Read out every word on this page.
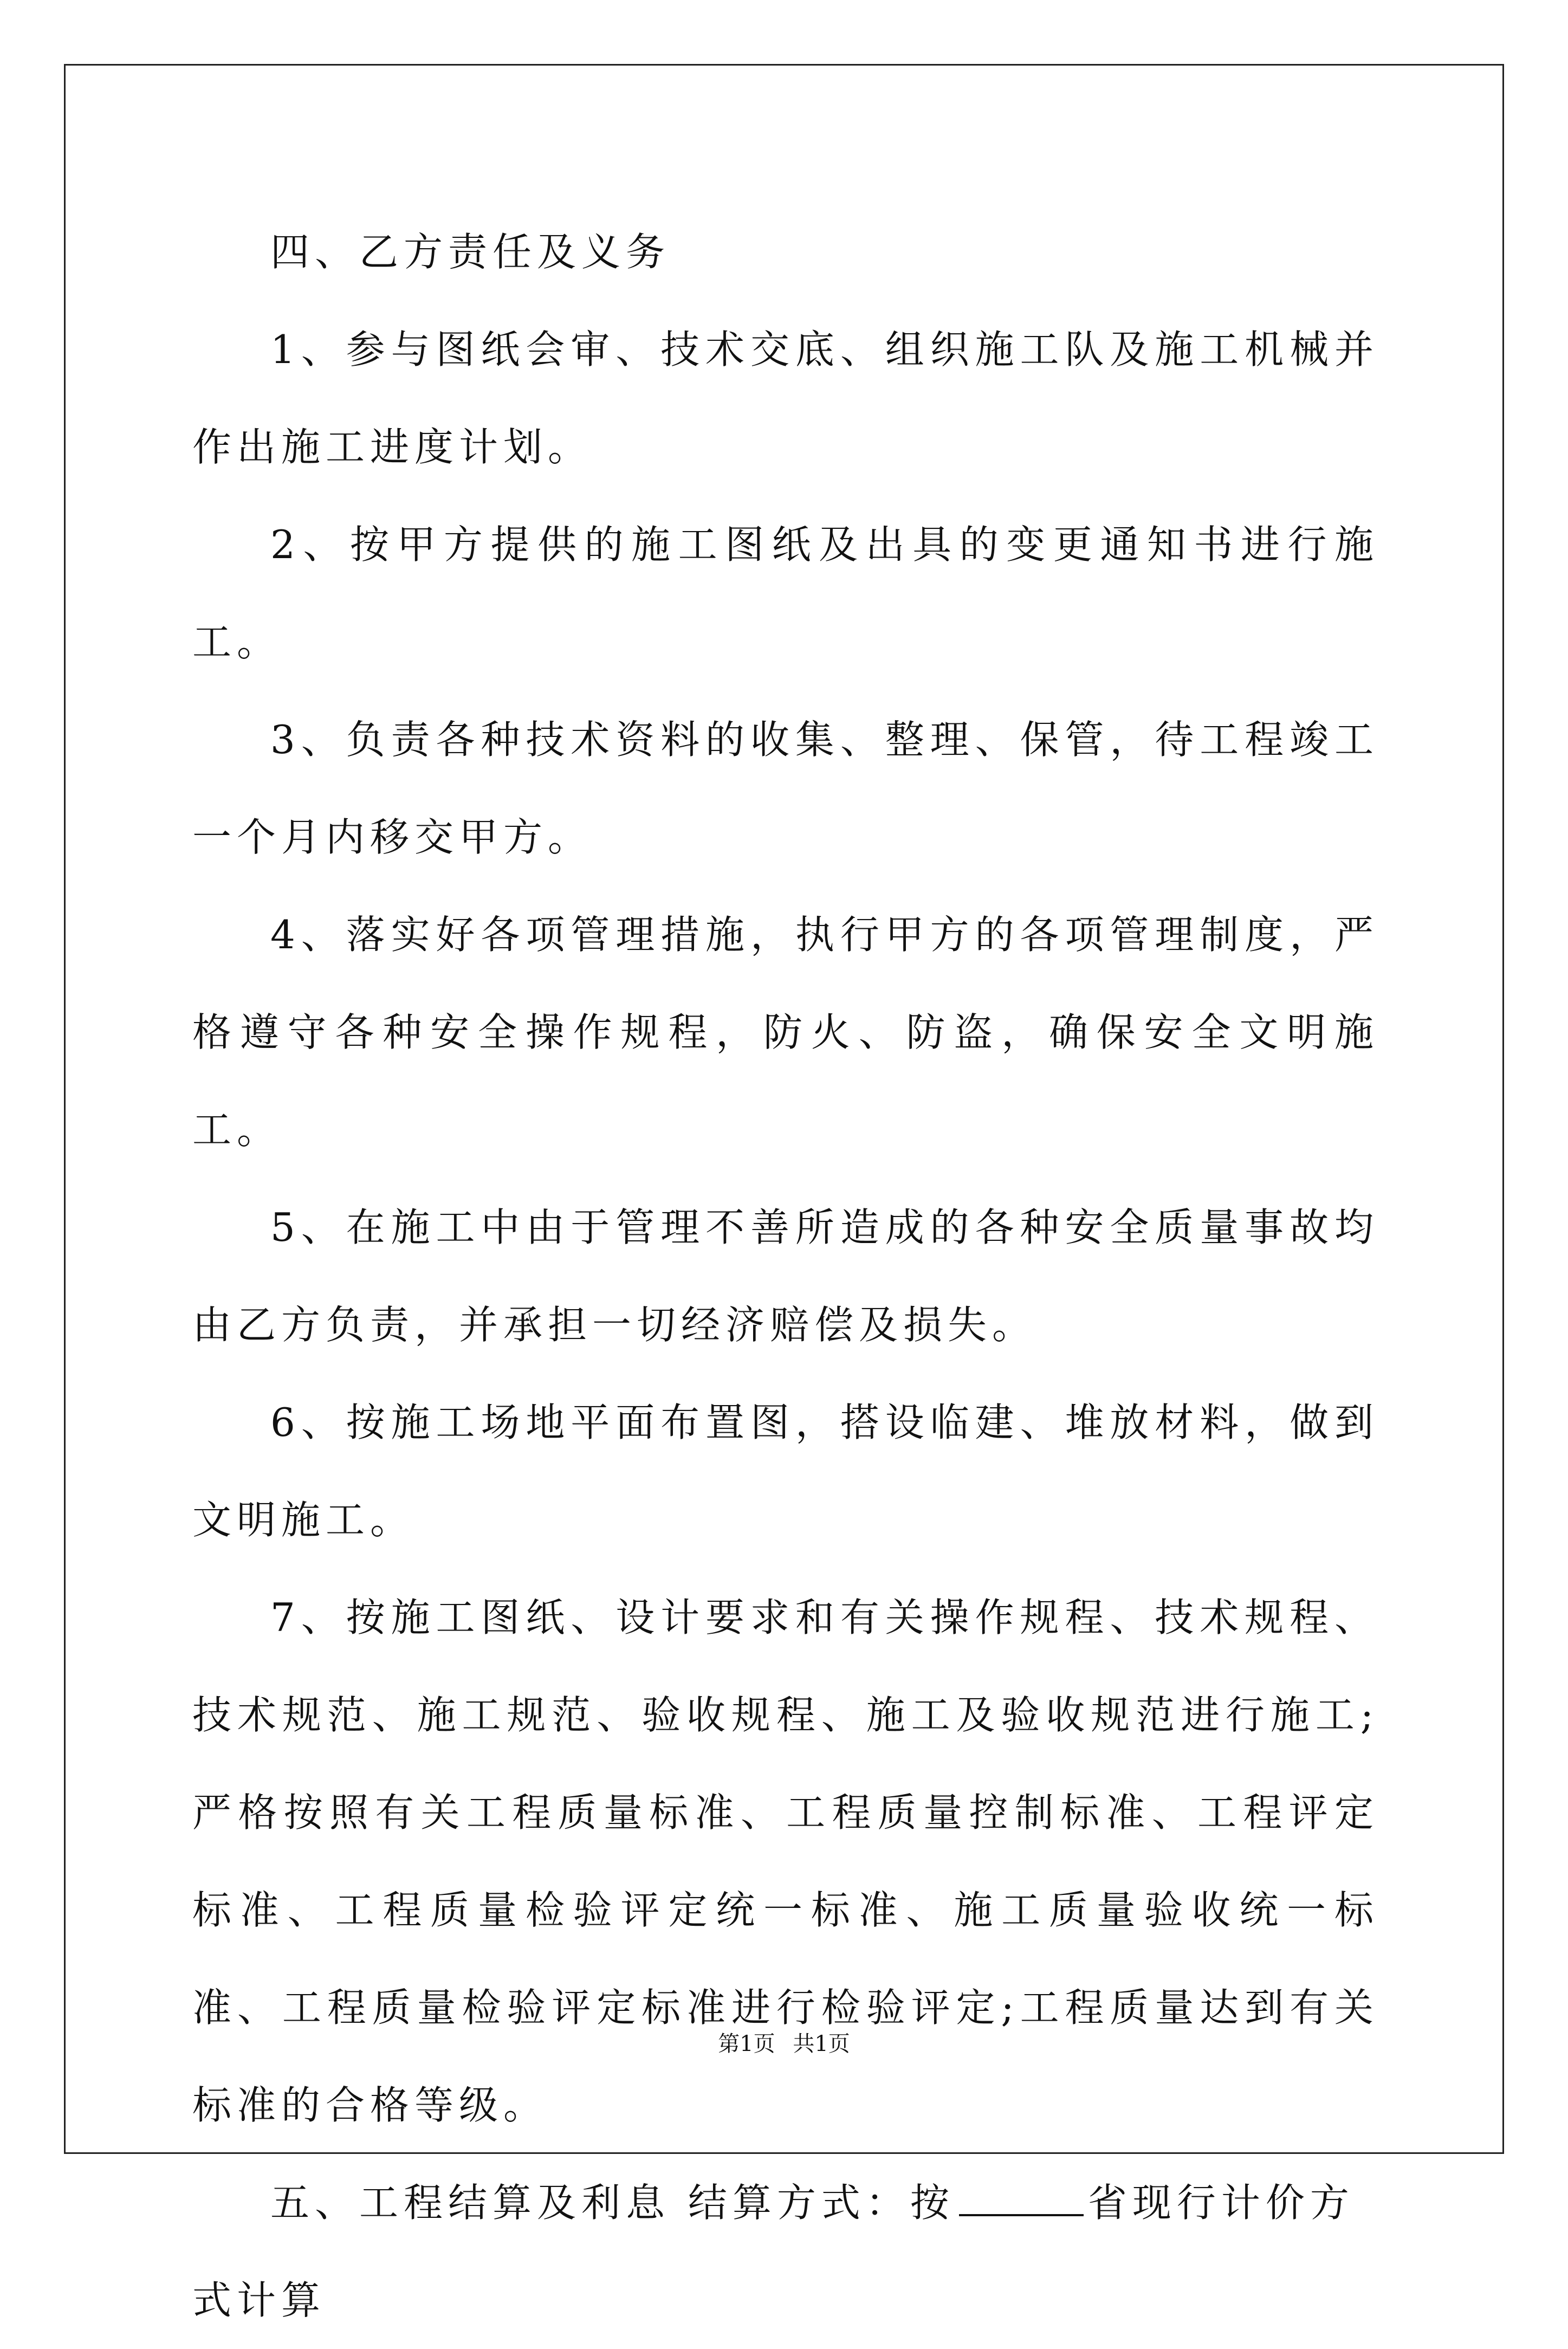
四、乙方责任及义务

1、参与图纸会审、技术交底、组织施工队及施工机械并作出施工进度计划。

2、按甲方提供的施工图纸及出具的变更通知书进行施工。

3、负责各种技术资料的收集、整理、保管，待工程竣工一个月内移交甲方。

4、落实好各项管理措施，执行甲方的各项管理制度，严格遵守各种安全操作规程，防火、防盗，确保安全文明施工。

5、在施工中由于管理不善所造成的各种安全质量事故均由乙方负责，并承担一切经济赔偿及损失。

6、按施工场地平面布置图，搭设临建、堆放材料，做到文明施工。

7、按施工图纸、设计要求和有关操作规程、技术规程、技术规范、施工规范、验收规程、施工及验收规范进行施工;严格按照有关工程质量标准、工程质量控制标准、工程评定标准、工程质量检验评定统一标准、施工质量验收统一标准、工程质量检验评定标准进行检验评定;工程质量达到有关标准的合格等级。

五、工程结算及利息 结算方式：按	省现行计价方式计算

第1页 共1页
